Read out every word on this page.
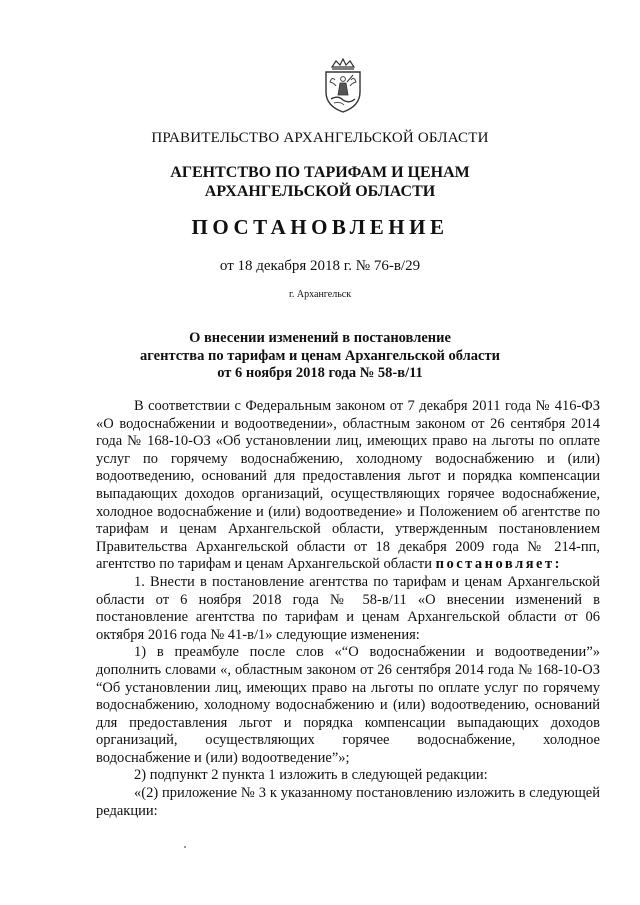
ПРАВИТЕЛЬСТВО АРХАНГЕЛЬСКОЙ ОБЛАСТИ
АГЕНТСТВО ПО ТАРИФАМ И ЦЕНАМ
АРХАНГЕЛЬСКОЙ ОБЛАСТИ
ПОСТАНОВЛЕНИЕ
от 18 декабря 2018 г. № 76-в/29
г. Архангельск
О внесении изменений в постановление
агентства по тарифам и ценам Архангельской области
от 6 ноября 2018 года № 58-в/11

В соответствии с Федеральным законом от 7 декабря 2011 года № 416-ФЗ «О водоснабжении и водоотведении», областным законом от 26 сентября 2014 года № 168-10-ОЗ «Об установлении лиц, имеющих право на льготы по оплате услуг по горячему водоснабжению, холодному водоснабжению и (или) водоотведению, оснований для предоставления льгот и порядка компенсации выпадающих доходов организаций, осуществляющих горячее водоснабжение, холодное водоснабжение и (или) водоотведение» и Положением об агентстве по тарифам и ценам Архангельской области, утвержденным постановлением Правительства Архангельской области от 18 декабря 2009 года № 214-пп, агентство по тарифам и ценам Архангельской области постановляет:

1. Внести в постановление агентства по тарифам и ценам Архангельской области от 6 ноября 2018 года № 58-в/11 «О внесении изменений в постановление агентства по тарифам и ценам Архангельской области от 06 октября 2016 года № 41-в/1» следующие изменения:

1) в преамбуле после слов «“О водоснабжении и водоотведении”» дополнить словами «, областным законом от 26 сентября 2014 года № 168-10-ОЗ “Об установлении лиц, имеющих право на льготы по оплате услуг по горячему водоснабжению, холодному водоснабжению и (или) водоотведению, оснований для предоставления льгот и порядка компенсации выпадающих доходов организаций, осуществляющих горячее водоснабжение, холодное водоснабжение и (или) водоотведение”»;

2) подпункт 2 пункта 1 изложить в следующей редакции:

«(2) приложение № 3 к указанному постановлению изложить в следующей редакции:
